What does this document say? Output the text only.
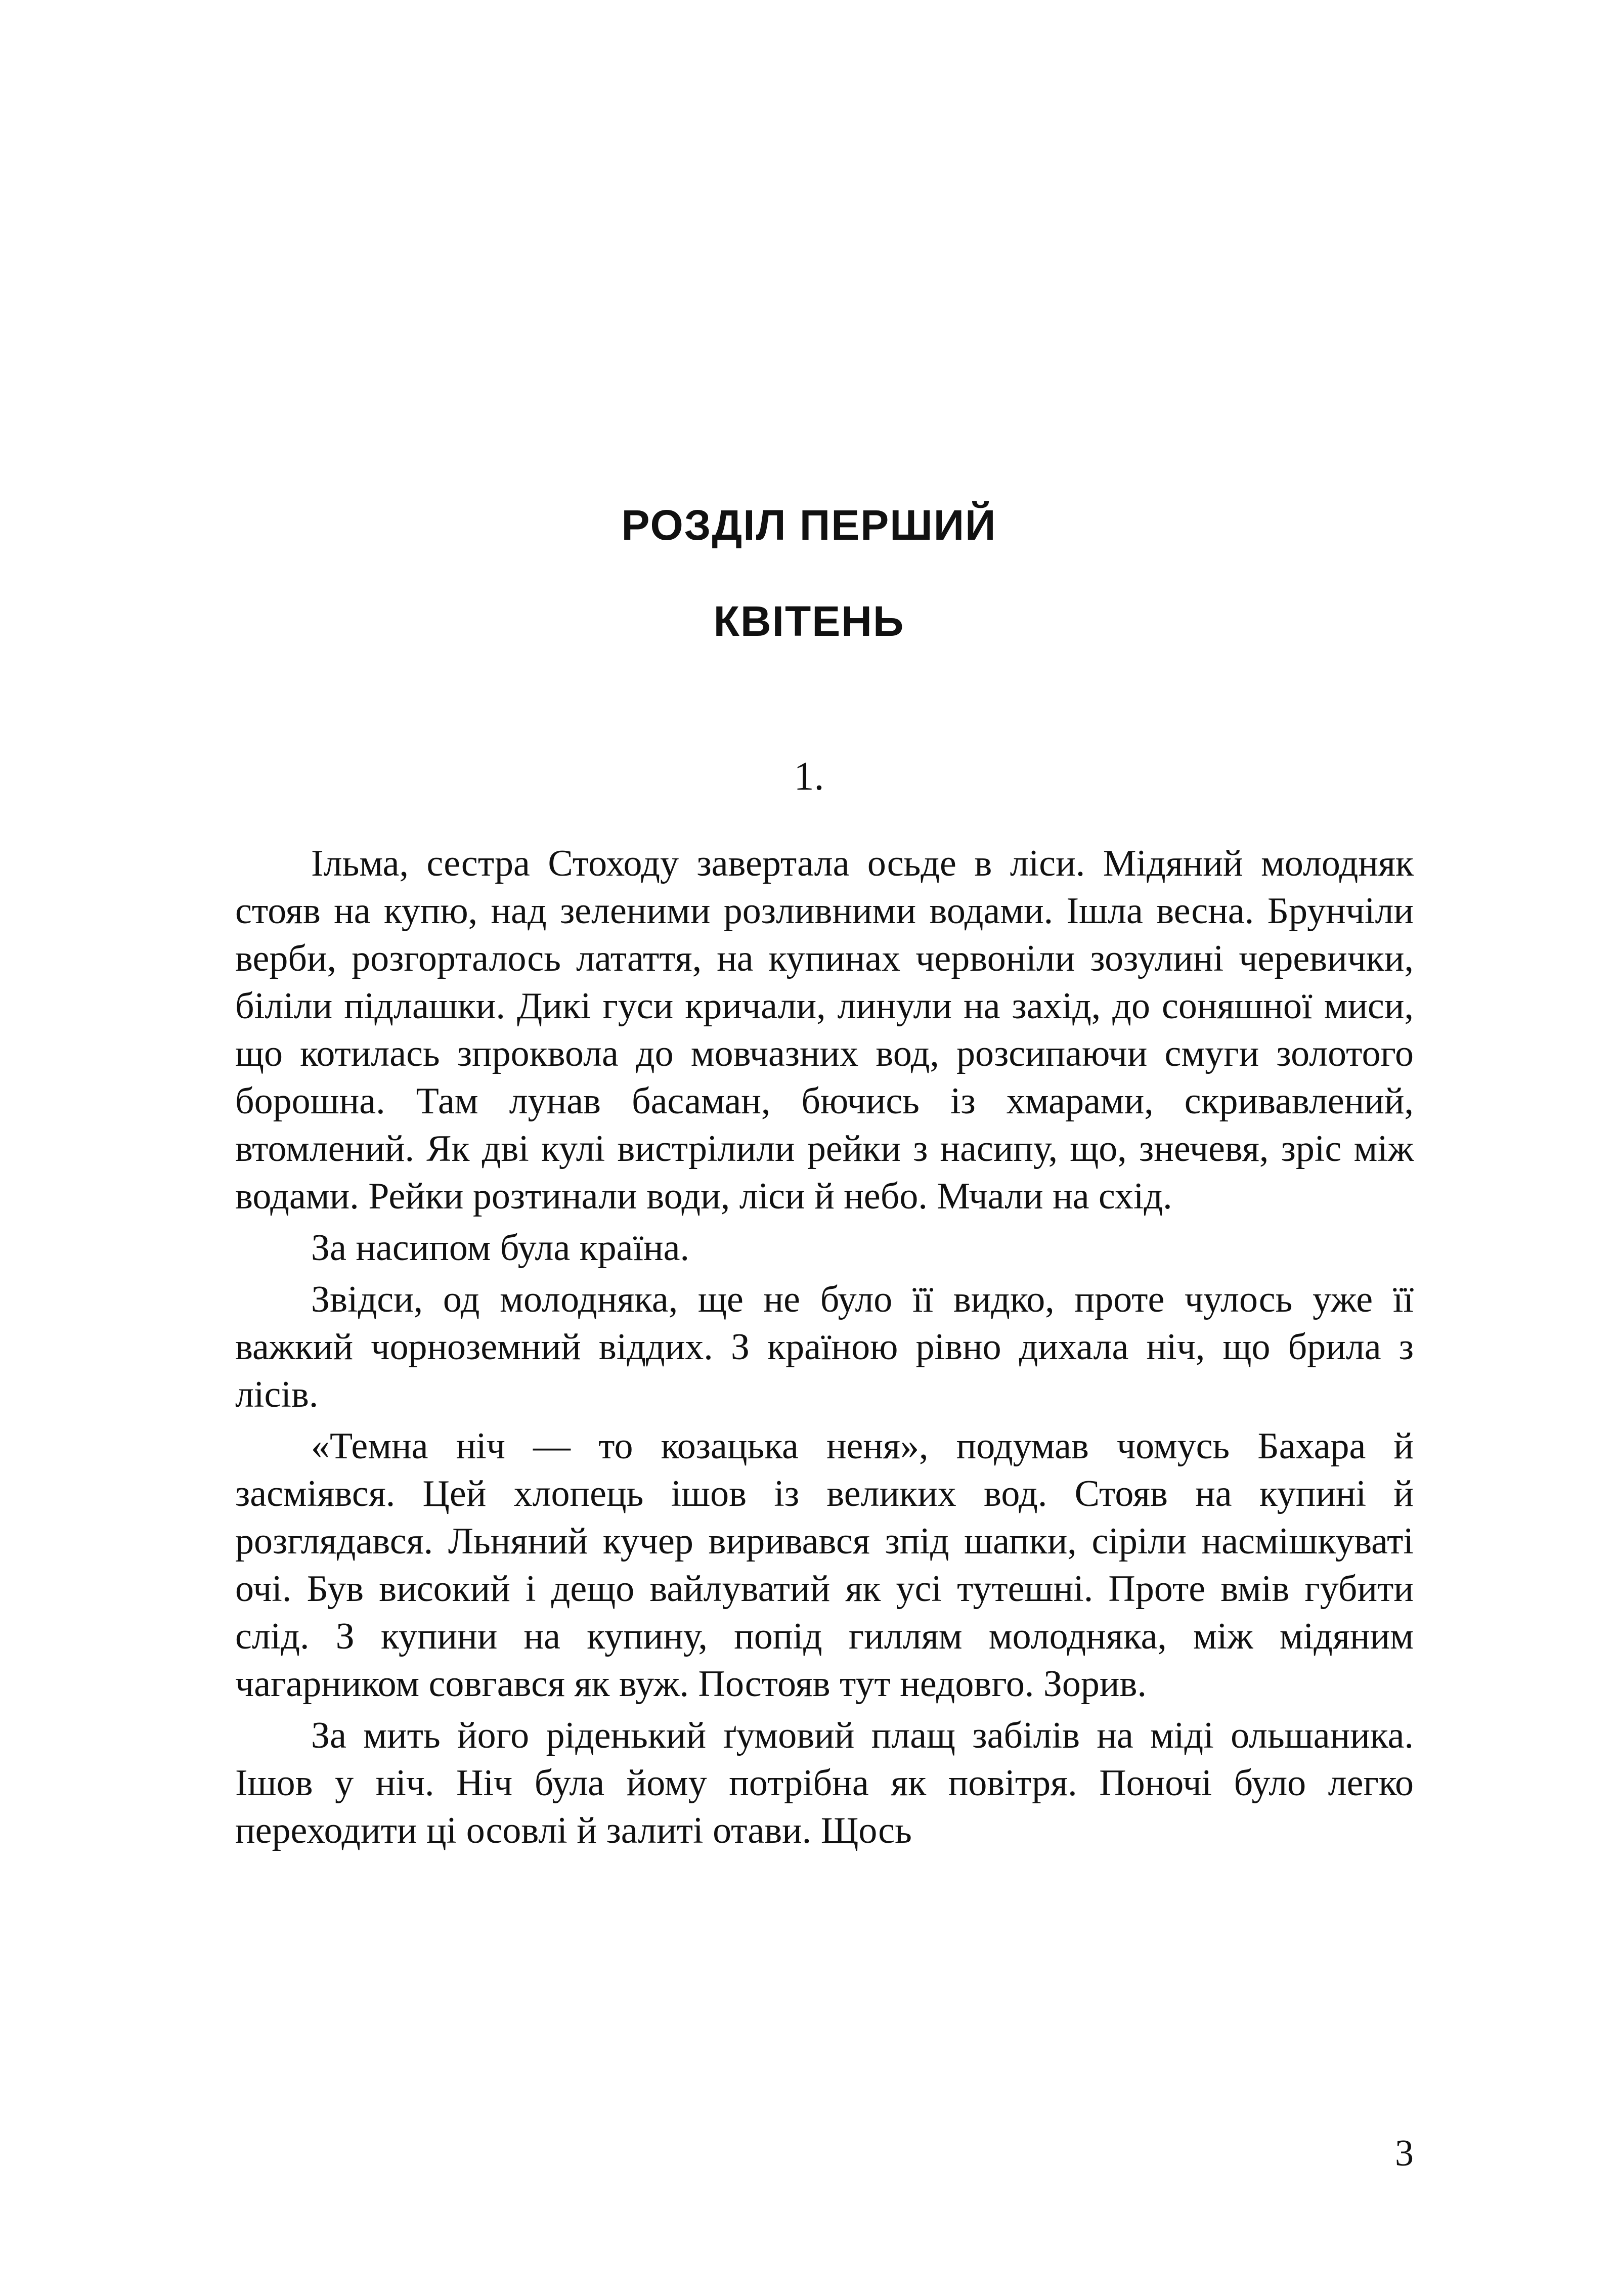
РОЗДІЛ ПЕРШИЙ
КВІТЕНЬ
1.

Ільма, сестра Стоходу завертала осьде в ліси. Мідяний молодняк стояв на купю, над зеленими розливними водами. Ішла весна. Брунчіли верби, розгорталось латаття, на купинах червоніли зозулині черевички, біліли підлашки. Дикі гуси кричали, линули на захід, до соняшної миси, що котилась зпроквола до мовчазних вод, розсипаючи смуги золотого борошна. Там лунав басаман, бючись із хмарами, скривавлений, втомлений. Як дві кулі вистрілили рейки з насипу, що, знечевя, зріс між водами. Рейки розтинали води, ліси й небо. Мчали на схід.

За насипом була країна.

Звідси, од молодняка, ще не було її видко, проте чулось уже її важкий чорноземний віддих. З країною рівно дихала ніч, що брила з лісів.

«Темна ніч — то козацька неня», подумав чомусь Бахара й засміявся. Цей хлопець ішов із великих вод. Стояв на купині й розглядався. Льняний кучер виривався зпід шапки, сіріли насмішкуваті очі. Був високий і дещо вайлуватий як усі тутешні. Проте вмів губити слід. З купини на купину, попід гиллям молодняка, між мідяним чагарником совгався як вуж. Постояв тут недовго. Зорив.

За мить його ріденький ґумовий плащ забілів на міді ольшаника. Ішов у ніч. Ніч була йому потрібна як повітря. Поночі було легко переходити ці осовлі й залиті отави. Щось

3
